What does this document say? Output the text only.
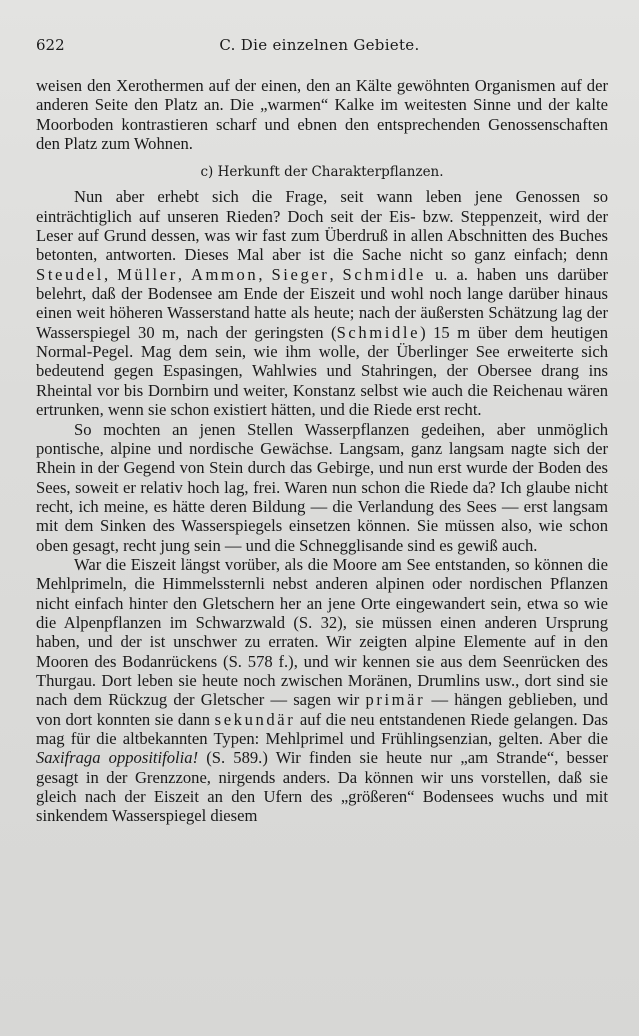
622	C. Die einzelnen Gebiete.

weisen den Xerothermen auf der einen, den an Kälte gewöhnten Organismen auf der anderen Seite den Platz an. Die „warmen“ Kalke im weitesten Sinne und der kalte Moorboden kontrastieren scharf und ebnen den entsprechenden Genossenschaften den Platz zum Wohnen.

c) Herkunft der Charakterpflanzen.

Nun aber erhebt sich die Frage, seit wann leben jene Genossen so einträchtiglich auf unseren Rieden? Doch seit der Eis- bzw. Steppenzeit, wird der Leser auf Grund dessen, was wir fast zum Überdruß in allen Abschnitten des Buches betonten, antworten. Dieses Mal aber ist die Sache nicht so ganz einfach; denn Steudel, Müller, Ammon, Sieger, Schmidle u. a. haben uns darüber belehrt, daß der Bodensee am Ende der Eiszeit und wohl noch lange darüber hinaus einen weit höheren Wasserstand hatte als heute; nach der äußersten Schätzung lag der Wasserspiegel 30 m, nach der geringsten (Schmidle) 15 m über dem heutigen Normal-Pegel. Mag dem sein, wie ihm wolle, der Überlinger See erweiterte sich bedeutend gegen Espasingen, Wahlwies und Stahringen, der Obersee drang ins Rheintal vor bis Dornbirn und weiter, Konstanz selbst wie auch die Reichenau wären ertrunken, wenn sie schon existiert hätten, und die Riede erst recht.

So mochten an jenen Stellen Wasserpflanzen gedeihen, aber unmöglich pontische, alpine und nordische Gewächse. Langsam, ganz langsam nagte sich der Rhein in der Gegend von Stein durch das Gebirge, und nun erst wurde der Boden des Sees, soweit er relativ hoch lag, frei. Waren nun schon die Riede da? Ich glaube nicht recht, ich meine, es hätte deren Bildung — die Verlandung des Sees — erst langsam mit dem Sinken des Wasserspiegels einsetzen können. Sie müssen also, wie schon oben gesagt, recht jung sein — und die Schnegglisande sind es gewiß auch.

War die Eiszeit längst vorüber, als die Moore am See entstanden, so können die Mehlprimeln, die Himmelssternli nebst anderen alpinen oder nordischen Pflanzen nicht einfach hinter den Gletschern her an jene Orte eingewandert sein, etwa so wie die Alpenpflanzen im Schwarzwald (S. 32), sie müssen einen anderen Ursprung haben, und der ist unschwer zu erraten. Wir zeigten alpine Elemente auf in den Mooren des Bodanrückens (S. 578 f.), und wir kennen sie aus dem Seenrücken des Thurgau. Dort leben sie heute noch zwischen Moränen, Drumlins usw., dort sind sie nach dem Rückzug der Gletscher — sagen wir primär — hängen geblieben, und von dort konnten sie dann sekundär auf die neu entstandenen Riede gelangen. Das mag für die altbekannten Typen: Mehlprimel und Frühlingsenzian, gelten. Aber die Saxifraga oppositifolia! (S. 589.) Wir finden sie heute nur „am Strande“, besser gesagt in der Grenzzone, nirgends anders. Da können wir uns vorstellen, daß sie gleich nach der Eiszeit an den Ufern des „größeren“ Bodensees wuchs und mit sinkendem Wasserspiegel diesem
